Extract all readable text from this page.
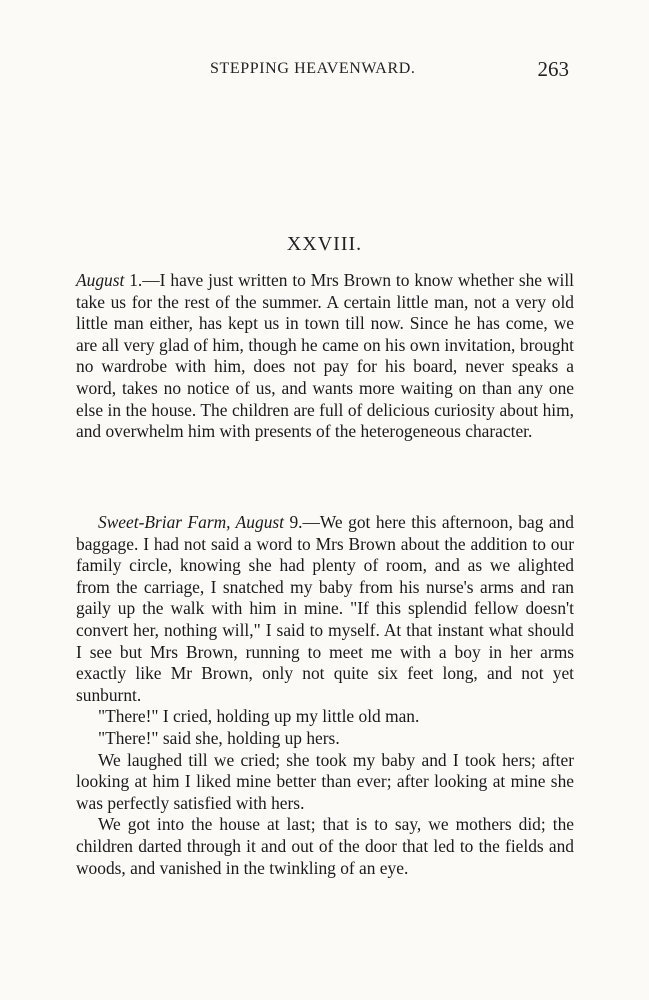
STEPPING HEAVENWARD.	263
XXVIII.

August 1.—I have just written to Mrs Brown to know whether she will take us for the rest of the summer. A certain little man, not a very old little man either, has kept us in town till now. Since he has come, we are all very glad of him, though he came on his own invitation, brought no wardrobe with him, does not pay for his board, never speaks a word, takes no notice of us, and wants more waiting on than any one else in the house. The children are full of delicious curiosity about him, and overwhelm him with presents of the heterogeneous character.

Sweet-Briar Farm, August 9.—We got here this afternoon, bag and baggage. I had not said a word to Mrs Brown about the addition to our family circle, knowing she had plenty of room, and as we alighted from the carriage, I snatched my baby from his nurse's arms and ran gaily up the walk with him in mine. "If this splendid fellow doesn't convert her, nothing will," I said to myself. At that instant what should I see but Mrs Brown, running to meet me with a boy in her arms exactly like Mr Brown, only not quite six feet long, and not yet sunburnt.

"There!" I cried, holding up my little old man.

"There!" said she, holding up hers.

We laughed till we cried; she took my baby and I took hers; after looking at him I liked mine better than ever; after looking at mine she was perfectly satisfied with hers.

We got into the house at last; that is to say, we mothers did; the children darted through it and out of the door that led to the fields and woods, and vanished in the twinkling of an eye.
